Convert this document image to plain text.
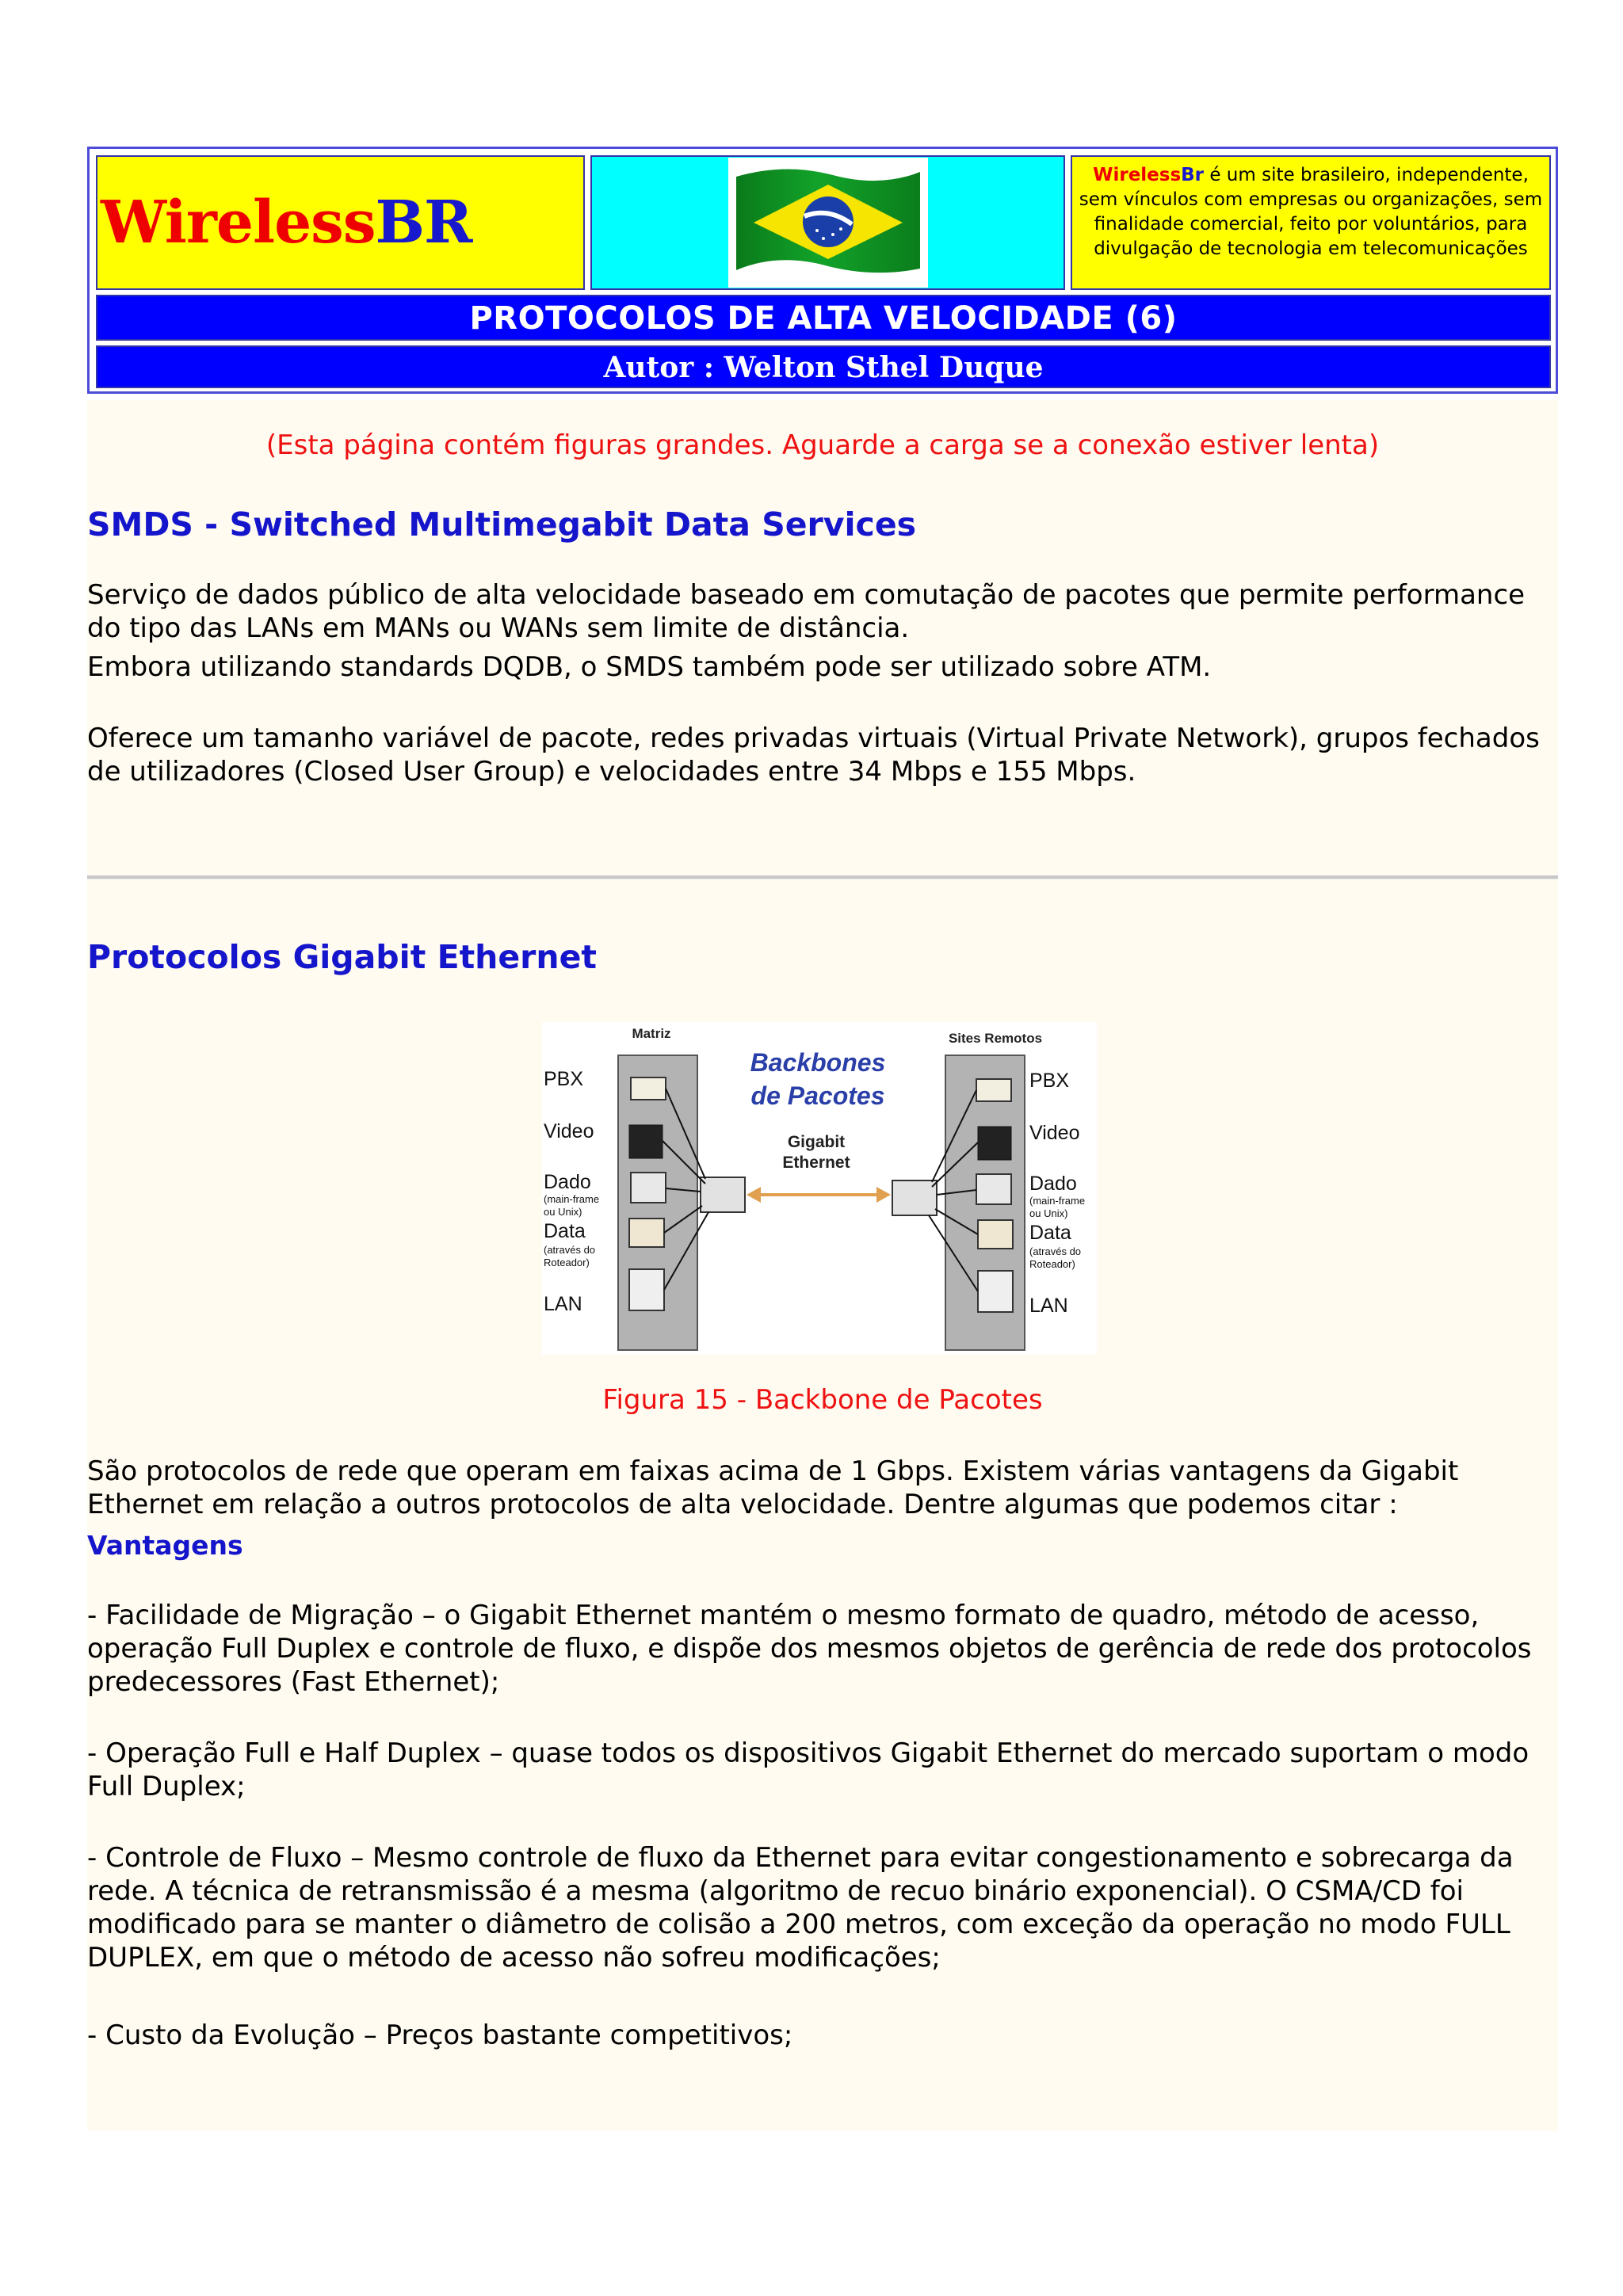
WirelessBR
WirelessBr é um site brasileiro, independente, sem vínculos com empresas ou organizações, sem finalidade comercial, feito por voluntários, para divulgação de tecnologia em telecomunicações
PROTOCOLOS DE ALTA VELOCIDADE (6)
Autor : Welton Sthel Duque

(Esta página contém figuras grandes. Aguarde a carga se a conexão estiver lenta)

SMDS - Switched Multimegabit Data Services

Serviço de dados público de alta velocidade baseado em comutação de pacotes que permite performance do tipo das LANs em MANs ou WANs sem limite de distância.

Embora utilizando standards DQDB, o SMDS também pode ser utilizado sobre ATM.

Oferece um tamanho variável de pacote, redes privadas virtuais (Virtual Private Network), grupos fechados de utilizadores (Closed User Group) e velocidades entre 34 Mbps e 155 Mbps.

Protocolos Gigabit Ethernet
Matriz	Sites Remotos
Backbones
de Pacotes
Gigabit
Ethernet
PBX
Video
Dado
(main-frame
ou Unix)
Data
(através do
Roteador)
LAN
PBX
Video
Dado
(main-frame
ou Unix)
Data
(através do
Roteador)
LAN

Figura 15 - Backbone de Pacotes

São protocolos de rede que operam em faixas acima de 1 Gbps. Existem várias vantagens da Gigabit Ethernet em relação a outros protocolos de alta velocidade. Dentre algumas que podemos citar :

Vantagens

- Facilidade de Migração – o Gigabit Ethernet mantém o mesmo formato de quadro, método de acesso, operação Full Duplex e controle de fluxo, e dispõe dos mesmos objetos de gerência de rede dos protocolos predecessores (Fast Ethernet);

- Operação Full e Half Duplex – quase todos os dispositivos Gigabit Ethernet do mercado suportam o modo Full Duplex;

- Controle de Fluxo – Mesmo controle de fluxo da Ethernet para evitar congestionamento e sobrecarga da rede. A técnica de retransmissão é a mesma (algoritmo de recuo binário exponencial). O CSMA/CD foi modificado para se manter o diâmetro de colisão a 200 metros, com exceção da operação no modo FULL DUPLEX, em que o método de acesso não sofreu modificações;

- Custo da Evolução – Preços bastante competitivos;
